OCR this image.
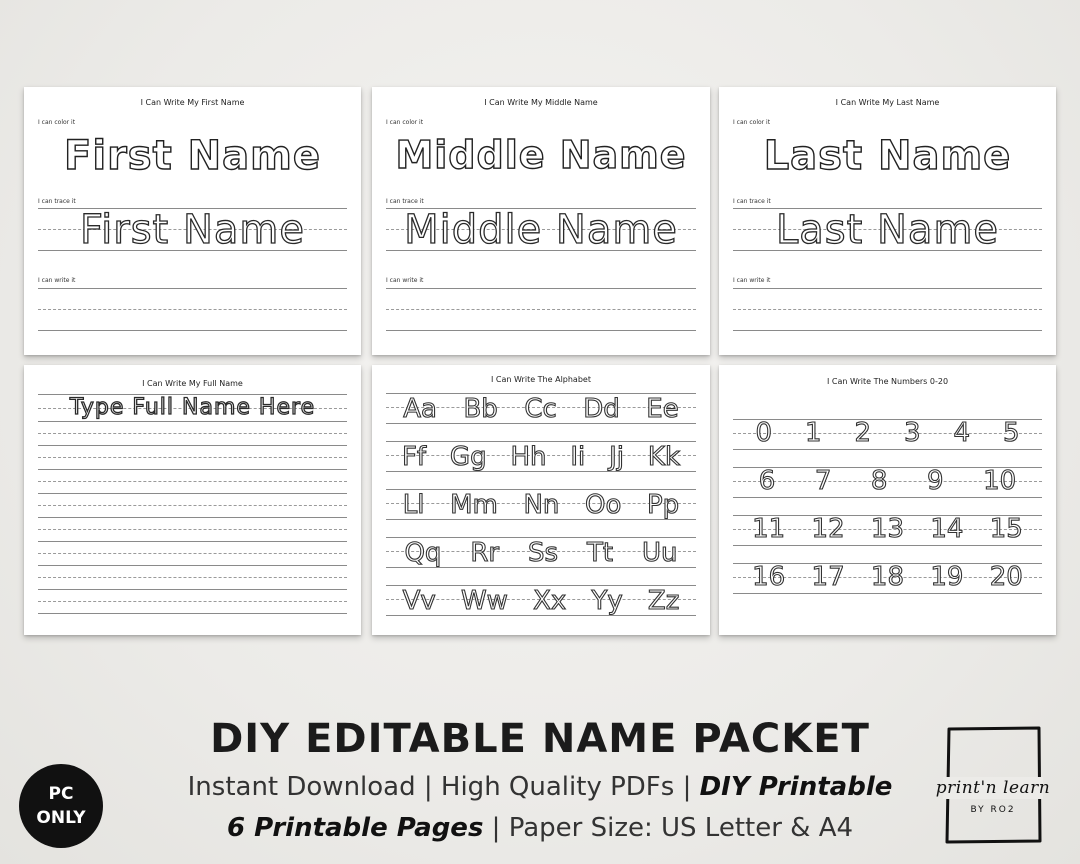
I Can Write My First Name
I can color it
First Name
I can trace it
First Name
I can write it
I Can Write My Middle Name
I can color it
Middle Name
I can trace it
Middle Name
I can write it
I Can Write My Last Name
I can color it
Last Name
I can trace it
Last Name
I can write it
I Can Write My Full Name
Type Full Name Here
I Can Write The Alphabet
Aa Bb Cc Dd Ee
Ff Gg Hh Ii Jj Kk
Ll Mm Nn Oo Pp
Qq Rr Ss Tt Uu
Vv Ww Xx Yy Zz
I Can Write The Numbers 0-20
0 1 2 3 4 5
6 7 8 9 10
11 12 13 14 15
16 17 18 19 20
PC
ONLY
DIY EDITABLE NAME PACKET
Instant Download | High Quality PDFs | DIY Printable
6 Printable Pages | Paper Size: US Letter & A4
print'n learn
BY RO2
